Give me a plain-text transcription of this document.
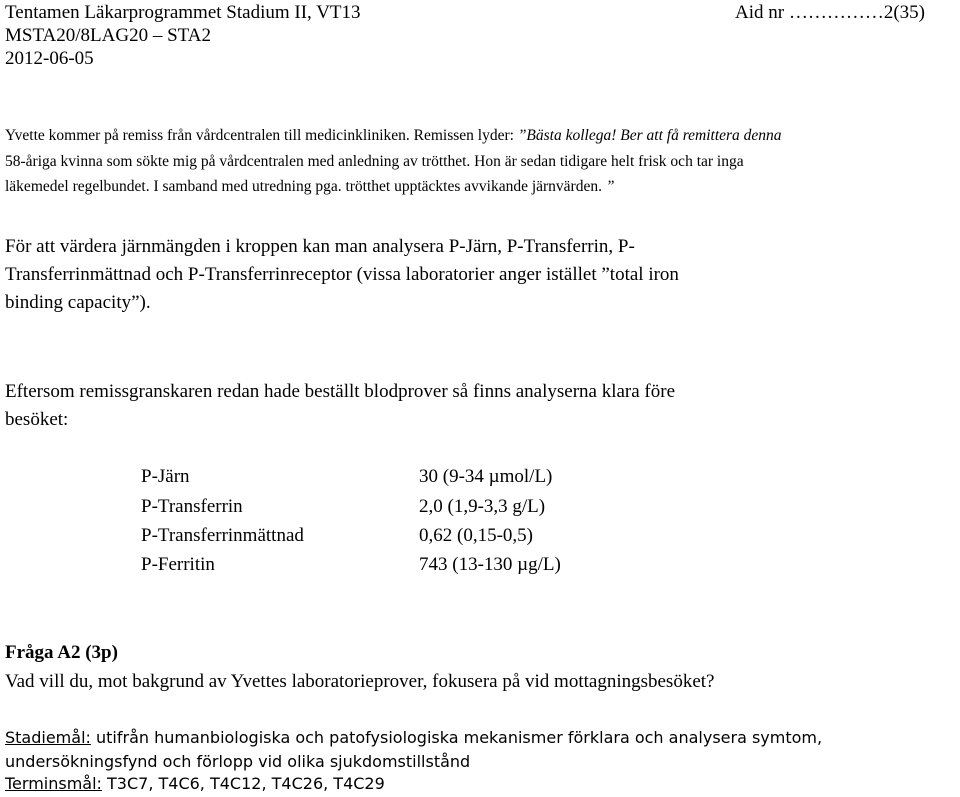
Tentamen Läkarprogrammet Stadium II, VT13	Aid nr ……………2(35)
MSTA20/8LAG20 – STA2
2012-06-05
Yvette kommer på remiss från vårdcentralen till medicinkliniken. Remissen lyder: ”Bästa kollega! Ber att få remittera denna
58-åriga kvinna som sökte mig på vårdcentralen med anledning av trötthet. Hon är sedan tidigare helt frisk och tar inga
läkemedel regelbundet. I samband med utredning pga. trötthet upptäcktes avvikande järnvärden. ”
För att värdera järnmängden i kroppen kan man analysera P-Järn, P-Transferrin, P-
Transferrinmättnad och P-Transferrinreceptor (vissa laboratorier anger istället ”total iron
binding capacity”).
Eftersom remissgranskaren redan hade beställt blodprover så finns analyserna klara före
besöket:
P-Järn	30 (9-34 µmol/L)
P-Transferrin	2,0 (1,9-3,3 g/L)
P-Transferrinmättnad	0,62 (0,15-0,5)
P-Ferritin	743 (13-130 µg/L)
Fråga A2 (3p)
Vad vill du, mot bakgrund av Yvettes laboratorieprover, fokusera på vid mottagningsbesöket?
Stadiemål: utifrån humanbiologiska och patofysiologiska mekanismer förklara och analysera symtom,
undersökningsfynd och förlopp vid olika sjukdomstillstånd
Terminsmål: T3C7, T4C6, T4C12, T4C26, T4C29
